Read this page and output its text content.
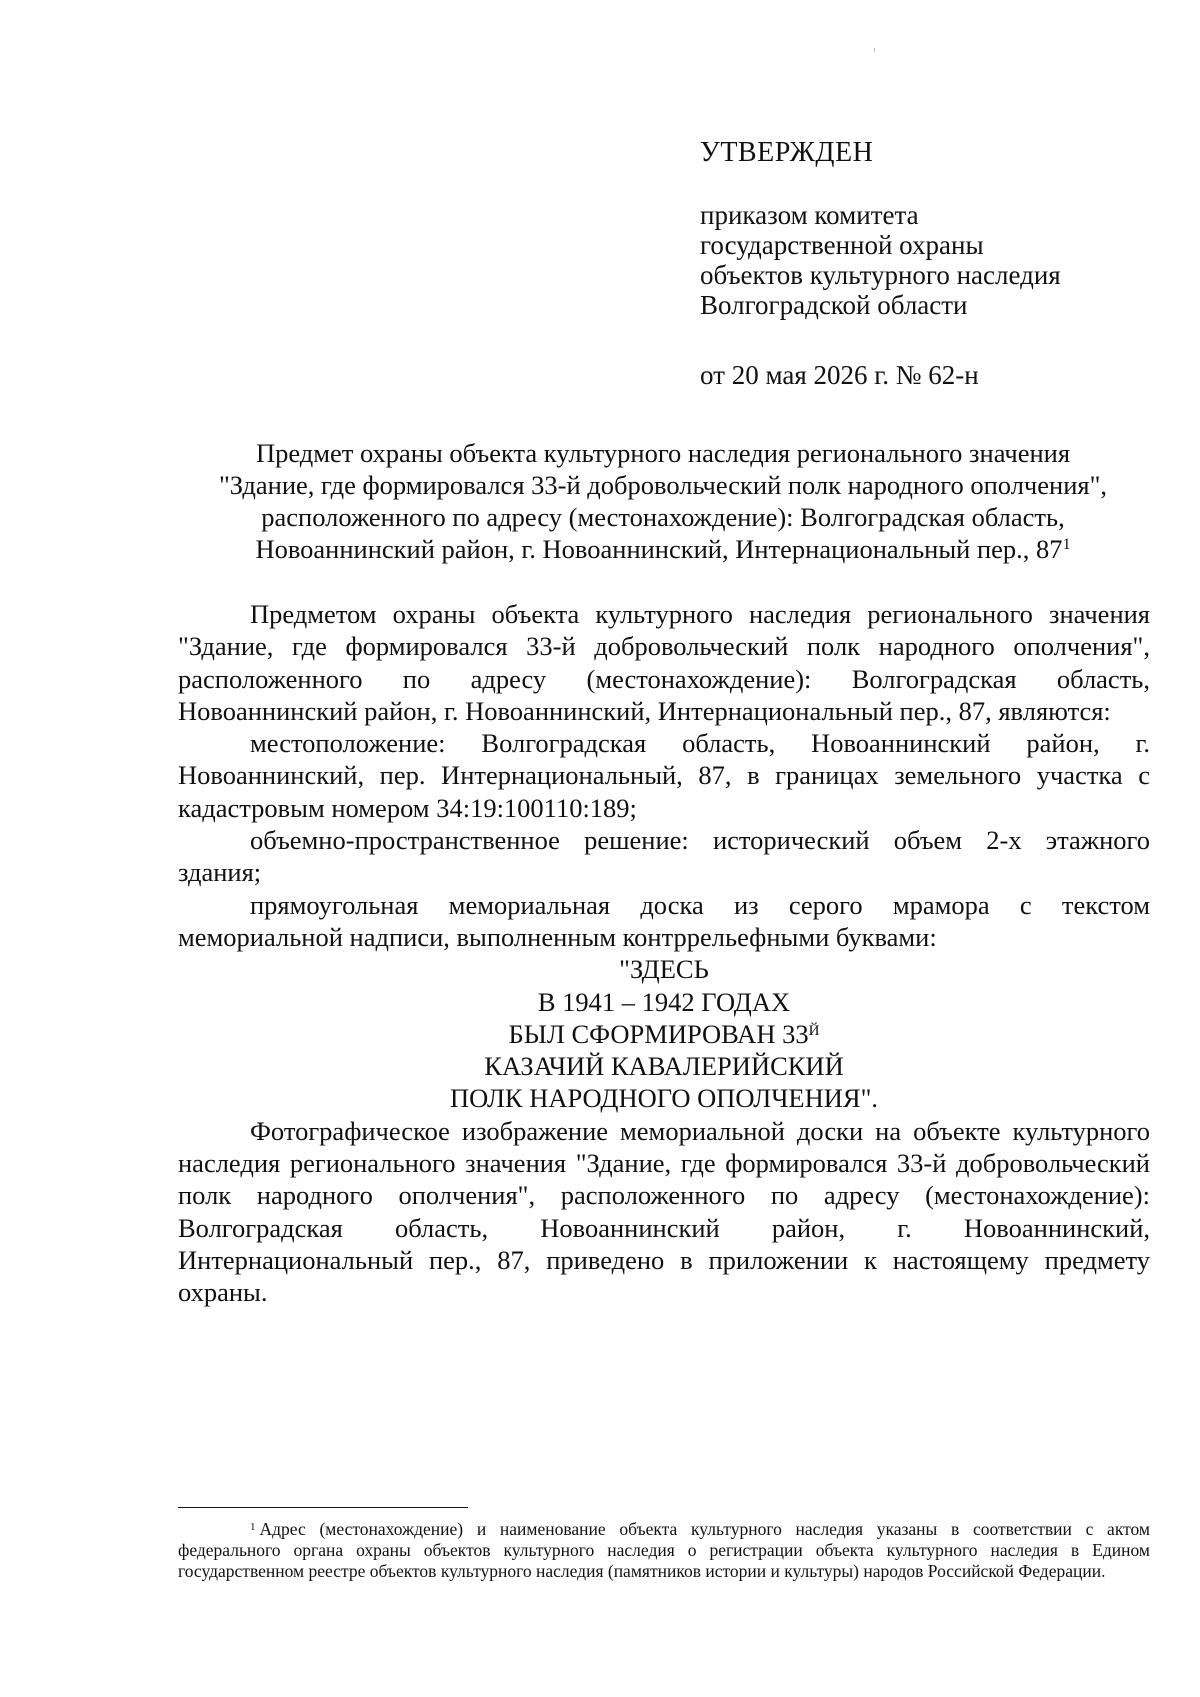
УТВЕРЖДЕН
приказом комитета
государственной охраны
объектов культурного наследия
Волгоградской области
от 20 мая 2026 г. № 62-н
Предмет охраны объекта культурного наследия регионального значения
"Здание, где формировался 33-й добровольческий полк народного ополчения",
расположенного по адресу (местонахождение): Волгоградская область,
Новоаннинский район, г. Новоаннинский, Интернациональный пер., $87^1$

Предметом охраны объекта культурного наследия регионального значения "Здание, где формировался 33-й добровольческий полк народного ополчения", расположенного по адресу (местонахождение): Волгоградская область, Новоаннинский район, г. Новоаннинский, Интернациональный пер., 87, являются:

местоположение: Волгоградская область, Новоаннинский район, г. Новоаннинский, пер. Интернациональный, 87, в границах земельного участка с кадастровым номером 34:19:100110:189;

объемно-пространственное решение: исторический объем 2-х этажного здания;

прямоугольная мемориальная доска из серого мрамора с текстом мемориальной надписи, выполненным контррельефными буквами:

"ЗДЕСЬ
В 1941 – 1942 ГОДАХ
БЫЛ СФОРМИРОВАН $33^Й$
КАЗАЧИЙ КАВАЛЕРИЙСКИЙ
ПОЛК НАРОДНОГО ОПОЛЧЕНИЯ".

Фотографическое изображение мемориальной доски на объекте культурного наследия регионального значения "Здание, где формировался 33-й добровольческий полк народного ополчения", расположенного по адресу (местонахождение): Волгоградская область, Новоаннинский район, г. Новоаннинский, Интернациональный пер., 87, приведено в приложении к настоящему предмету охраны.

$^1$ Адрес (местонахождение) и наименование объекта культурного наследия указаны в соответствии с актом федерального органа охраны объектов культурного наследия о регистрации объекта культурного наследия в Едином государственном реестре объектов культурного наследия (памятников истории и культуры) народов Российской Федерации.
